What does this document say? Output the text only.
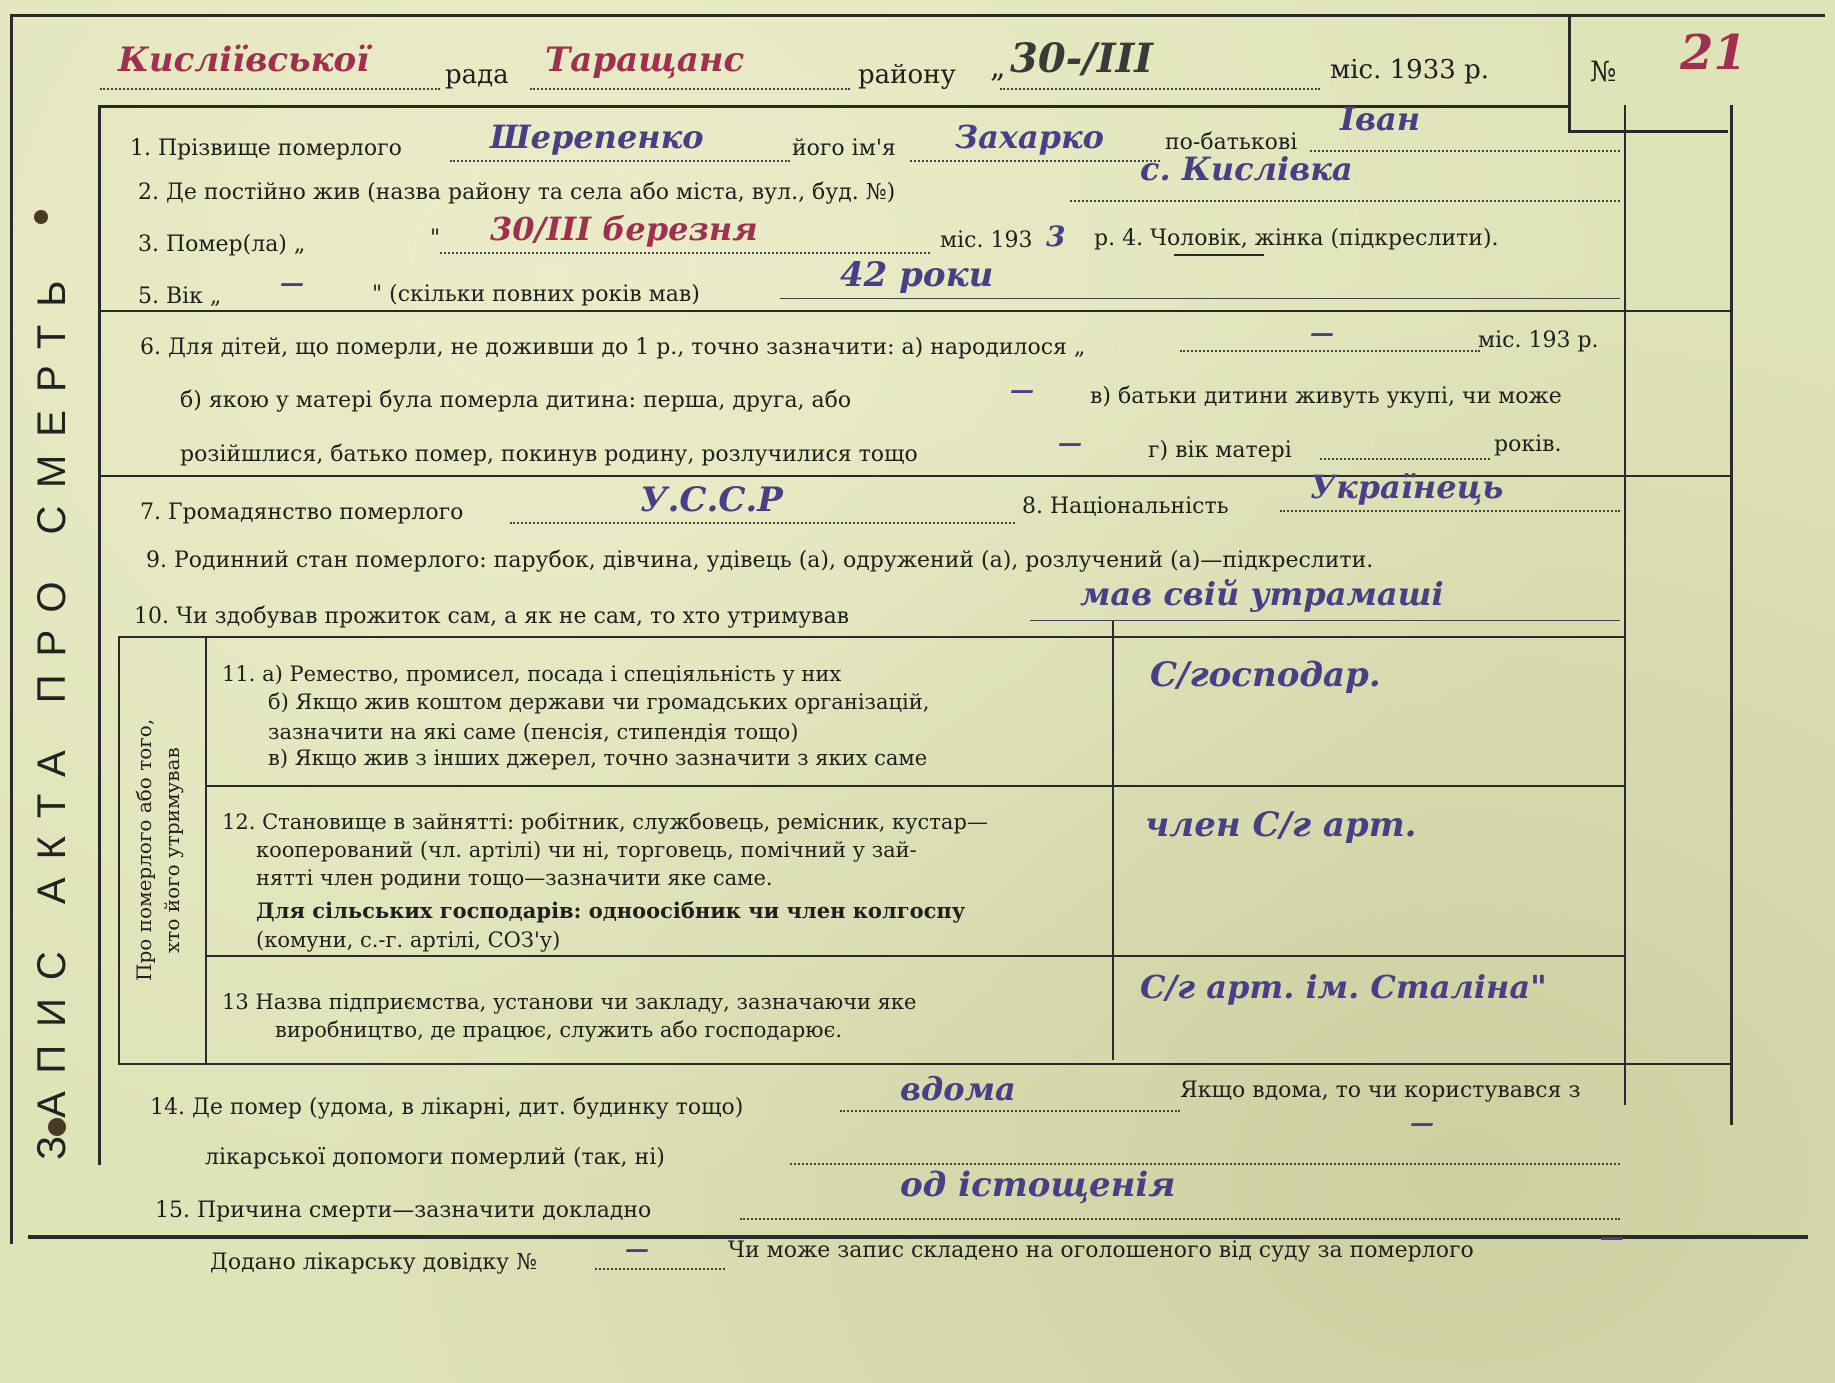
ЗАПИС АКТА ПРО СМЕРТЬ	Про померлого або того, хто його утримував
Кисліївської	рада Таращанс	району „ 30-/III	міс. 1933 р.	№ 21
1. Прізвище померлого	Шерепенко	його ім'я Захарко	по-батькові
Іван
2. Де постійно жив (назва району та села або міста, вул., буд. №)
с. Кислівка
3. Помер(ла) „	" 30/III березня	міс. 193 3 р. 4. Чоловік, жінка (підкреслити).
5. Вік „ —	" (скільки повних років мав)	42 роки
6. Для дітей, що померли, не доживши до 1 р., точно зазначити: а) народилося „
—	міс. 193 р.
б) якою у матері була померла дитина: перша, друга, або	—	в) батьки дитини живуть укупі, чи може
розійшлися, батько помер, покинув родину, розлучилися тощо	—	г) вік матері	років.
7. Громадянство померлого	У.С.С.Р	8. Національність
Українець
9. Родинний стан померлого: парубок, дівчина, удівець (а), одружений (а), розлучений (а)—підкреслити.
10. Чи здобував прожиток сам, а як не сам, то хто утримував
мав свій утрамаші
11. а) Ремество, промисел, посада і спеціяльність у них
б) Якщо жив коштом держави чи громадських організацій,
зазначити на які саме (пенсія, стипендія тощо)
в) Якщо жив з інших джерел, точно зазначити з яких саме
С/господар.
12. Становище в зайнятті: робітник, службовець, ремісник, кустар—
кооперований (чл. артілі) чи ні, торговець, помічний у зай-
нятті член родини тощо—зазначити яке саме.
Для сільських господарів: одноосібник чи член колгоспу
(комуни, с.-г. артілі, СОЗ'у)
член С/г арт.
13 Назва підприємства, установи чи закладу, зазначаючи яке
виробництво, де працює, служить або господарює.
С/г арт. ім. Сталіна"
14. Де помер (удома, в лікарні, дит. будинку тощо)	вдома	Якщо вдома, то чи користувався з
лікарської допомоги померлий (так, ні)
—
15. Причина смерти—зазначити докладно
од істощенія
Додано лікарську довідку №	—	Чи може запис складено на оголошеного від суду за померлого	—
